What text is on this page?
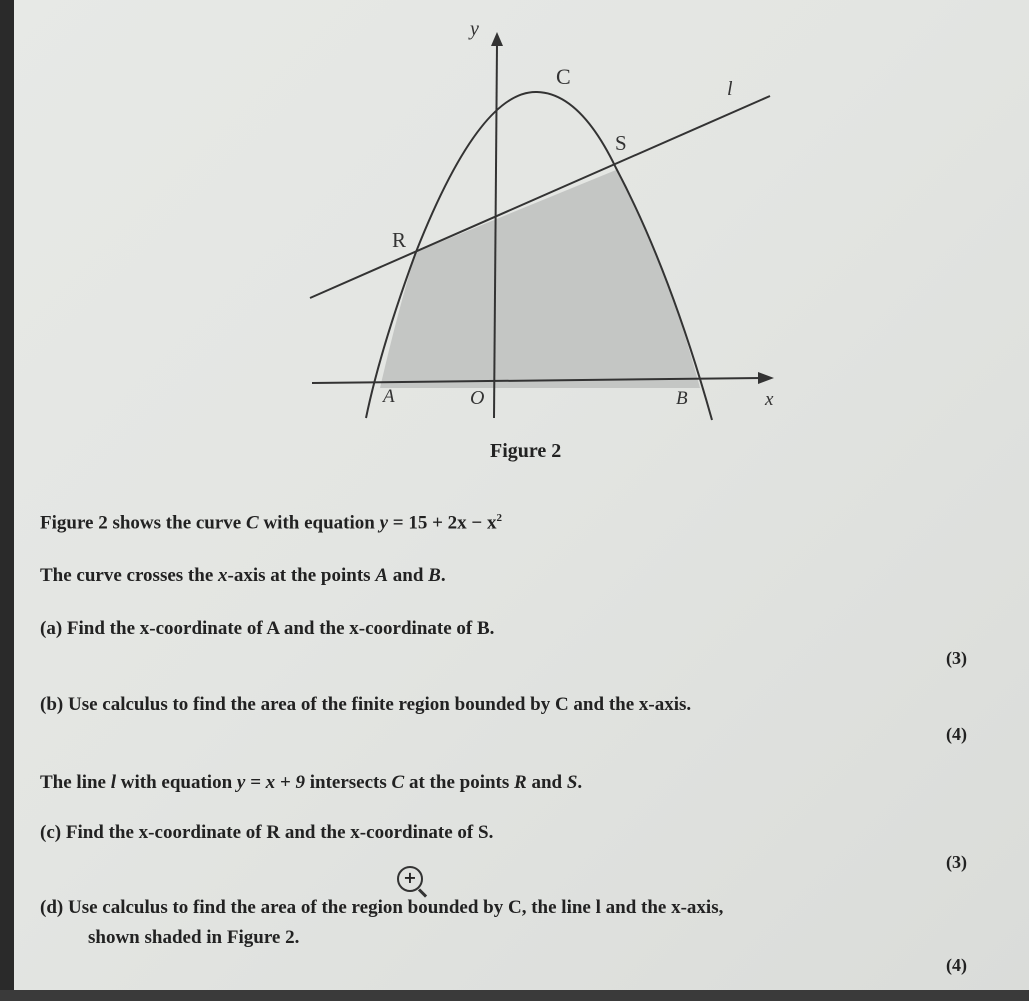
y
x
C	l
S
R
A	O	B
Figure 2
Figure 2 shows the curve C with equation $y = 15 + 2x - x^2$
The curve crosses the x-axis at the points A and B.
(a) Find the x-coordinate of A and the x-coordinate of B.
(3)
(b) Use calculus to find the area of the finite region bounded by C and the x-axis.
(4)
The line l with equation y = x + 9 intersects C at the points R and S.
(c) Find the x-coordinate of R and the x-coordinate of S.
(3)
+
(d) Use calculus to find the area of the region bounded by C, the line l and the x-axis,
shown shaded in Figure 2.
(4)
